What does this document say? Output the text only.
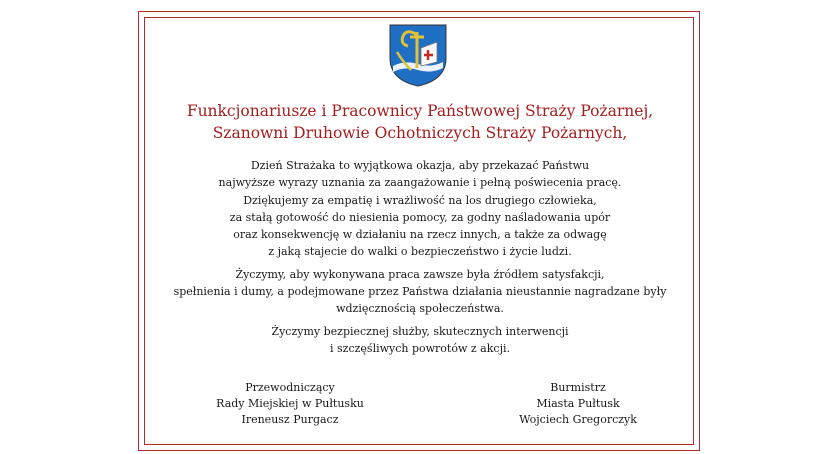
Funkcjonariusze i Pracownicy Państwowej Straży Pożarnej,
Szanowni Druhowie Ochotniczych Straży Pożarnych,
Dzień Strażaka to wyjątkowa okazja, aby przekazać Państwu
najwyższe wyrazy uznania za zaangażowanie i pełną poświecenia pracę.
Dziękujemy za empatię i wrażliwość na los drugiego człowieka,
za stałą gotowość do niesienia pomocy, za godny naśladowania upór
oraz konsekwencję w działaniu na rzecz innych, a także za odwagę
z jaką stajecie do walki o bezpieczeństwo i życie ludzi.
Życzymy, aby wykonywana praca zawsze była źródłem satysfakcji,
spełnienia i dumy, a podejmowane przez Państwa działania nieustannie nagradzane były
wdzięcznością społeczeństwa.
Życzymy bezpiecznej służby, skutecznych interwencji
i szczęśliwych powrotów z akcji.
Przewodniczący
Rady Miejskiej w Pułtusku
Ireneusz Purgacz
Burmistrz
Miasta Pułtusk
Wojciech Gregorczyk
